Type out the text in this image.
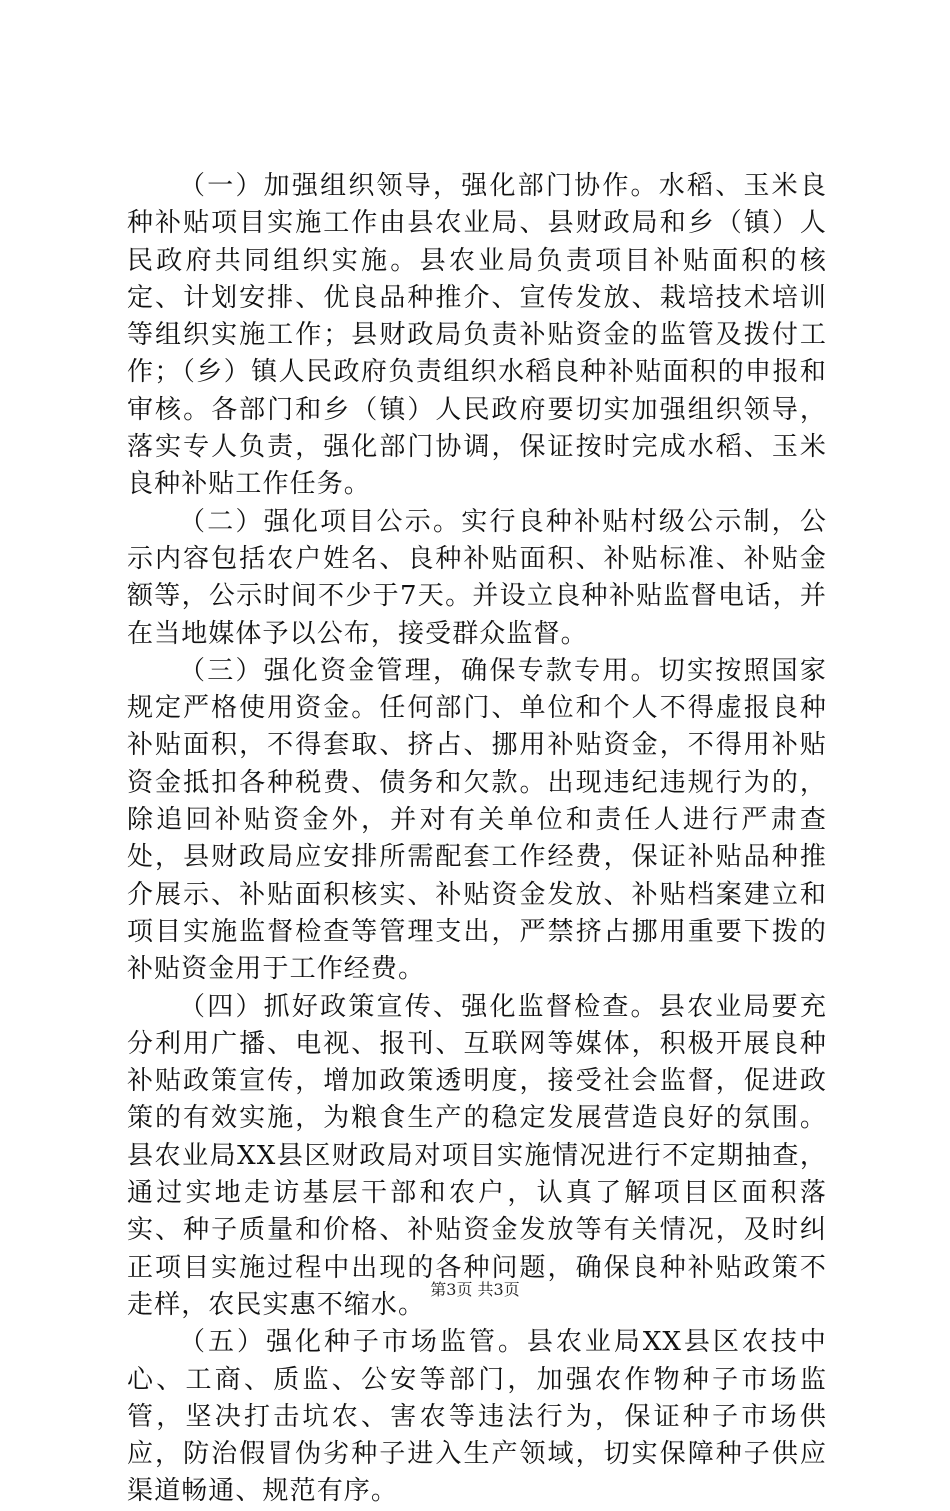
（一）加强组织领导，强化部门协作。水稻、玉米良种补贴项目实施工作由县农业局、县财政局和乡（镇）人民政府共同组织实施。县农业局负责项目补贴面积的核定、计划安排、优良品种推介、宣传发放、栽培技术培训等组织实施工作；县财政局负责补贴资金的监管及拨付工作；（乡）镇人民政府负责组织水稻良种补贴面积的申报和审核。各部门和乡（镇）人民政府要切实加强组织领导，落实专人负责，强化部门协调，保证按时完成水稻、玉米良种补贴工作任务。

（二）强化项目公示。实行良种补贴村级公示制，公示内容包括农户姓名、良种补贴面积、补贴标准、补贴金额等，公示时间不少于7天。并设立良种补贴监督电话，并在当地媒体予以公布，接受群众监督。

（三）强化资金管理，确保专款专用。切实按照国家规定严格使用资金。任何部门、单位和个人不得虚报良种补贴面积，不得套取、挤占、挪用补贴资金，不得用补贴资金抵扣各种税费、债务和欠款。出现违纪违规行为的，除追回补贴资金外，并对有关单位和责任人进行严肃查处，县财政局应安排所需配套工作经费，保证补贴品种推介展示、补贴面积核实、补贴资金发放、补贴档案建立和项目实施监督检查等管理支出，严禁挤占挪用重要下拨的补贴资金用于工作经费。

（四）抓好政策宣传、强化监督检查。县农业局要充分利用广播、电视、报刊、互联网等媒体，积极开展良种补贴政策宣传，增加政策透明度，接受社会监督，促进政策的有效实施，为粮食生产的稳定发展营造良好的氛围。县农业局XX县区财政局对项目实施情况进行不定期抽查，通过实地走访基层干部和农户，认真了解项目区面积落实、种子质量和价格、补贴资金发放等有关情况，及时纠正项目实施过程中出现的各种问题，确保良种补贴政策不走样，农民实惠不缩水。

（五）强化种子市场监管。县农业局XX县区农技中心、工商、质监、公安等部门，加强农作物种子市场监管，坚决打击坑农、害农等违法行为，保证种子市场供应，防治假冒伪劣种子进入生产领域，切实保障种子供应渠道畅通、规范有序。

第3页 共3页
